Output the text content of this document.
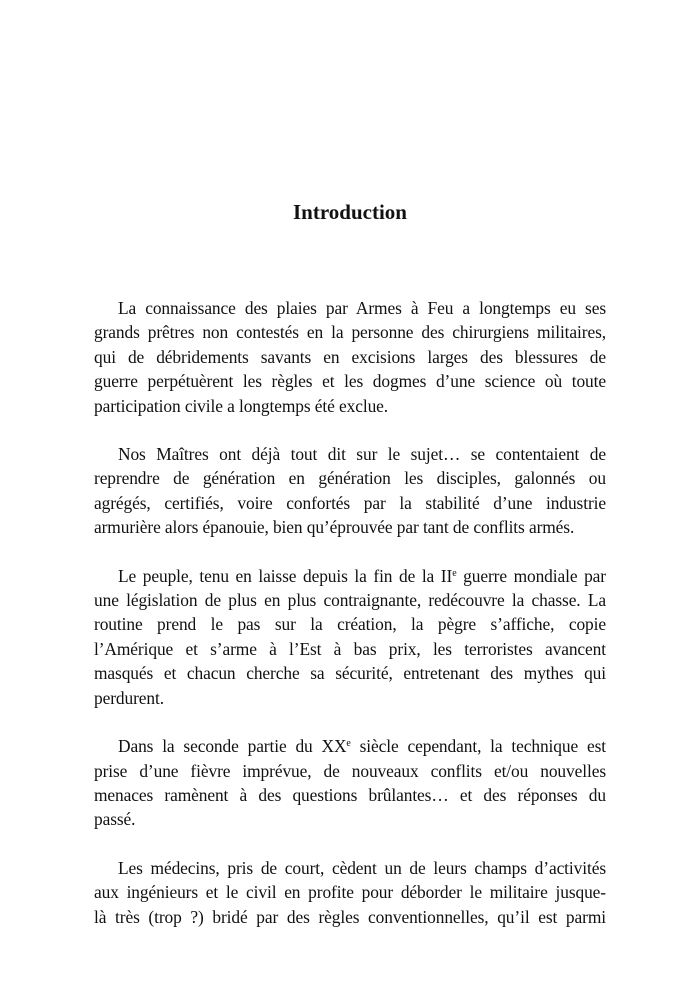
Introduction

La connaissance des plaies par Armes à Feu a longtemps eu ses
grands prêtres non contestés en la personne des chirurgiens militaires,
qui de débridements savants en excisions larges des blessures de
guerre perpétuèrent les règles et les dogmes d’une science où toute
participation civile a longtemps été exclue.

Nos Maîtres ont déjà tout dit sur le sujet… se contentaient de
reprendre de génération en génération les disciples, galonnés ou
agrégés, certifiés, voire confortés par la stabilité d’une industrie
armurière alors épanouie, bien qu’éprouvée par tant de conflits armés.

Le peuple, tenu en laisse depuis la fin de la IIe guerre mondiale par
une législation de plus en plus contraignante, redécouvre la chasse. La
routine prend le pas sur la création, la pègre s’affiche, copie
l’Amérique et s’arme à l’Est à bas prix, les terroristes avancent
masqués et chacun cherche sa sécurité, entretenant des mythes qui
perdurent.

Dans la seconde partie du XXe siècle cependant, la technique est
prise d’une fièvre imprévue, de nouveaux conflits et/ou nouvelles
menaces ramènent à des questions brûlantes… et des réponses du
passé.

Les médecins, pris de court, cèdent un de leurs champs d’activités
aux ingénieurs et le civil en profite pour déborder le militaire jusque-
là très (trop ?) bridé par des règles conventionnelles, qu’il est parmi
